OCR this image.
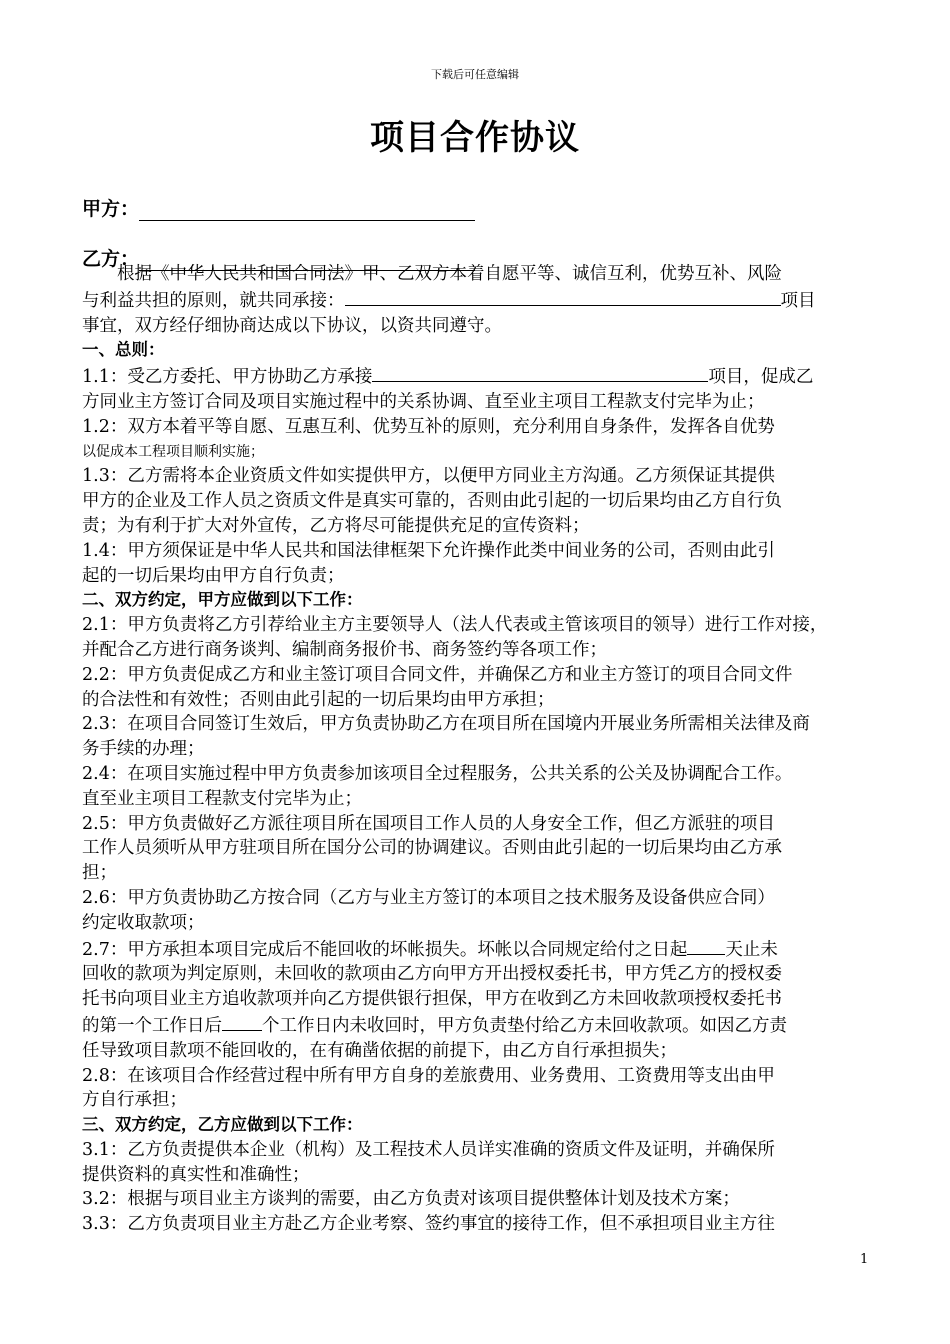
下载后可任意编辑
项目合作协议
甲方：
乙方：

根据《中华人民共和国合同法》甲、乙双方本着自愿平等、诚信互利，优势互补、风险

与利益共担的原则，就共同承接：	项目

事宜，双方经仔细协商达成以下协议，以资共同遵守。

一、总则：

1.1：受乙方委托、甲方协助乙方承接	项目，促成乙

方同业主方签订合同及项目实施过程中的关系协调、直至业主项目工程款支付完毕为止；

1.2：双方本着平等自愿、互惠互利、优势互补的原则，充分利用自身条件，发挥各自优势

以促成本工程项目顺利实施；

1.3：乙方需将本企业资质文件如实提供甲方，以便甲方同业主方沟通。乙方须保证其提供

甲方的企业及工作人员之资质文件是真实可靠的，否则由此引起的一切后果均由乙方自行负

责；为有利于扩大对外宣传，乙方将尽可能提供充足的宣传资料；

1.4：甲方须保证是中华人民共和国法律框架下允许操作此类中间业务的公司，否则由此引

起的一切后果均由甲方自行负责；

二、双方约定，甲方应做到以下工作：

2.1：甲方负责将乙方引荐给业主方主要领导人（法人代表或主管该项目的领导）进行工作对接，

并配合乙方进行商务谈判、编制商务报价书、商务签约等各项工作；

2.2：甲方负责促成乙方和业主签订项目合同文件，并确保乙方和业主方签订的项目合同文件

的合法性和有效性；否则由此引起的一切后果均由甲方承担；

2.3：在项目合同签订生效后，甲方负责协助乙方在项目所在国境内开展业务所需相关法律及商

务手续的办理；

2.4：在项目实施过程中甲方负责参加该项目全过程服务，公共关系的公关及协调配合工作。

直至业主项目工程款支付完毕为止；

2.5：甲方负责做好乙方派往项目所在国项目工作人员的人身安全工作，但乙方派驻的项目

工作人员须听从甲方驻项目所在国分公司的协调建议。否则由此引起的一切后果均由乙方承

担；

2.6：甲方负责协助乙方按合同（乙方与业主方签订的本项目之技术服务及设备供应合同）

约定收取款项；

2.7：甲方承担本项目完成后不能回收的坏帐损失。坏帐以合同规定给付之日起 天止未

回收的款项为判定原则，未回收的款项由乙方向甲方开出授权委托书，甲方凭乙方的授权委

托书向项目业主方追收款项并向乙方提供银行担保，甲方在收到乙方未回收款项授权委托书

的第一个工作日后 个工作日内未收回时，甲方负责垫付给乙方未回收款项。如因乙方责

任导致项目款项不能回收的，在有确凿依据的前提下，由乙方自行承担损失；

2.8：在该项目合作经营过程中所有甲方自身的差旅费用、业务费用、工资费用等支出由甲

方自行承担；

三、双方约定，乙方应做到以下工作：

3.1：乙方负责提供本企业（机构）及工程技术人员详实准确的资质文件及证明，并确保所

提供资料的真实性和准确性；

3.2：根据与项目业主方谈判的需要，由乙方负责对该项目提供整体计划及技术方案；

3.3：乙方负责项目业主方赴乙方企业考察、签约事宜的接待工作，但不承担项目业主方往

1
